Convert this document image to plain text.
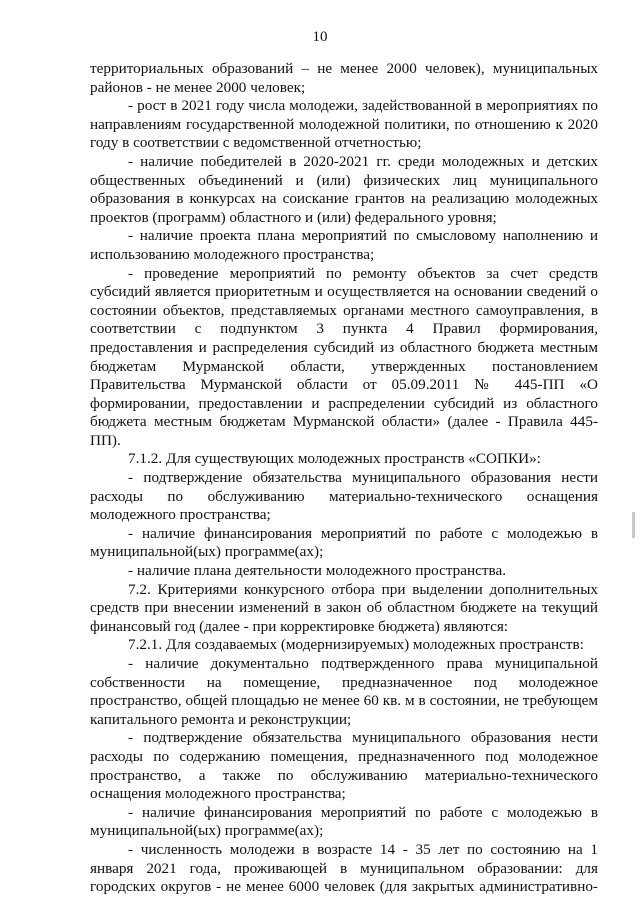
10

территориальных образований – не менее 2000 человек), муниципальных районов - не менее 2000 человек;

- рост в 2021 году числа молодежи, задействованной в мероприятиях по направлениям государственной молодежной политики, по отношению к 2020 году в соответствии с ведомственной отчетностью;

- наличие победителей в 2020-2021 гг. среди молодежных и детских общественных объединений и (или) физических лиц муниципального образования в конкурсах на соискание грантов на реализацию молодежных проектов (программ) областного и (или) федерального уровня;

- наличие проекта плана мероприятий по смысловому наполнению и использованию молодежного пространства;

- проведение мероприятий по ремонту объектов за счет средств субсидий является приоритетным и осуществляется на основании сведений о состоянии объектов, представляемых органами местного самоуправления, в соответствии с подпунктом 3 пункта 4 Правил формирования, предоставления и распределения субсидий из областного бюджета местным бюджетам Мурманской области, утвержденных постановлением Правительства Мурманской области от 05.09.2011 № 445-ПП «О формировании, предоставлении и распределении субсидий из областного бюджета местным бюджетам Мурманской области» (далее - Правила 445-ПП).

7.1.2. Для существующих молодежных пространств «СОПКИ»:

- подтверждение обязательства муниципального образования нести расходы по обслуживанию материально-технического оснащения молодежного пространства;

- наличие финансирования мероприятий по работе с молодежью в муниципальной(ых) программе(ах);

- наличие плана деятельности молодежного пространства.

7.2. Критериями конкурсного отбора при выделении дополнительных средств при внесении изменений в закон об областном бюджете на текущий финансовый год (далее - при корректировке бюджета) являются:

7.2.1. Для создаваемых (модернизируемых) молодежных пространств:

- наличие документально подтвержденного права муниципальной собственности на помещение, предназначенное под молодежное пространство, общей площадью не менее 60 кв. м в состоянии, не требующем капитального ремонта и реконструкции;

- подтверждение обязательства муниципального образования нести расходы по содержанию помещения, предназначенного под молодежное пространство, а также по обслуживанию материально-технического оснащения молодежного пространства;

- наличие финансирования мероприятий по работе с молодежью в муниципальной(ых) программе(ах);

- численность молодежи в возрасте 14 - 35 лет по состоянию на 1 января 2021 года, проживающей в муниципальном образовании: для городских округов - не менее 6000 человек (для закрытых административно-
